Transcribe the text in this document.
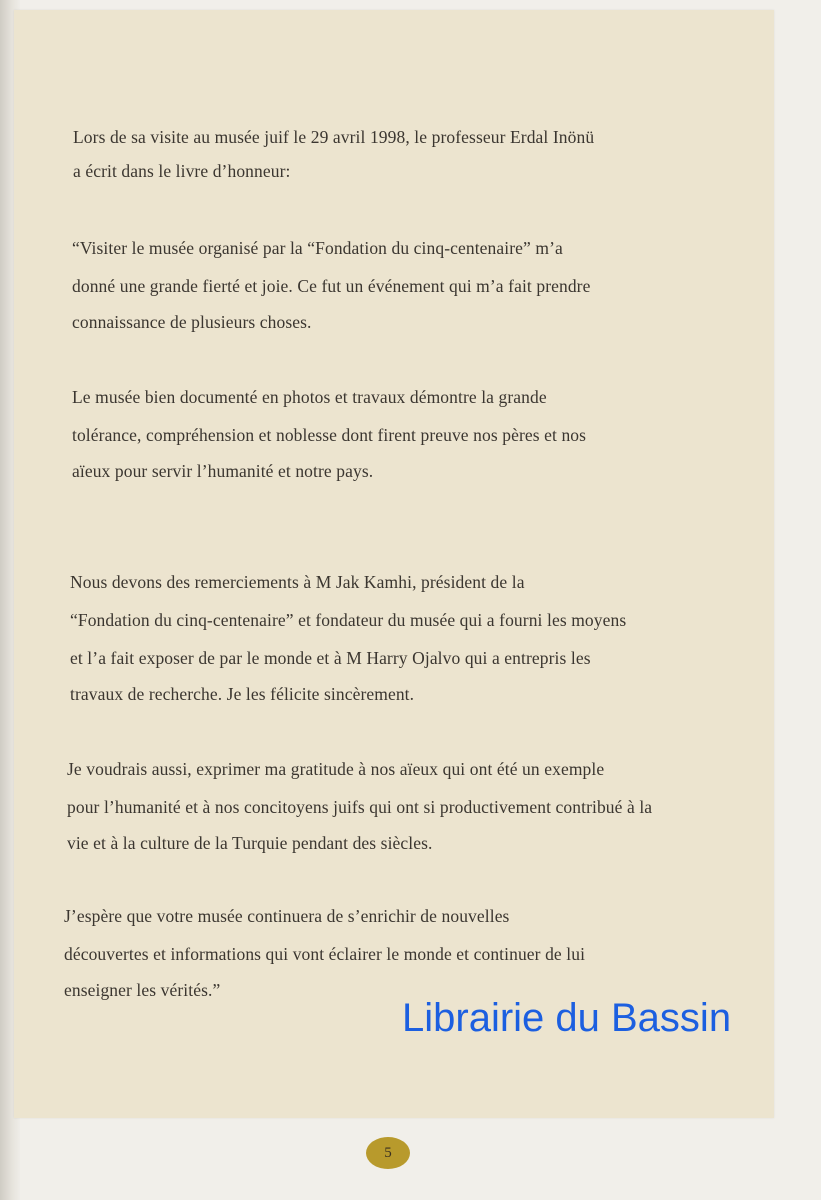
Lors de sa visite au musée juif le 29 avril 1998, le professeur Erdal Inönü

a écrit dans le livre d’honneur:

“Visiter le musée organisé par la “Fondation du cinq-centenaire” m’a

donné une grande fierté et joie. Ce fut un événement qui m’a fait prendre

connaissance de plusieurs choses.

Le musée bien documenté en photos et travaux démontre la grande

tolérance, compréhension et noblesse dont firent preuve nos pères et nos

aïeux pour servir l’humanité et notre pays.

Nous devons des remerciements à M Jak Kamhi, président de la

“Fondation du cinq-centenaire” et fondateur du musée qui a fourni les moyens

et l’a fait exposer de par le monde et à M Harry Ojalvo qui a entrepris les

travaux de recherche. Je les félicite sincèrement.

Je voudrais aussi, exprimer ma gratitude à nos aïeux qui ont été un exemple

pour l’humanité et à nos concitoyens juifs qui ont si productivement contribué à la

vie et à la culture de la Turquie pendant des siècles.

J’espère que votre musée continuera de s’enrichir de nouvelles

découvertes et informations qui vont éclairer le monde et continuer de lui

enseigner les vérités.”

Librairie du Bassin

5
